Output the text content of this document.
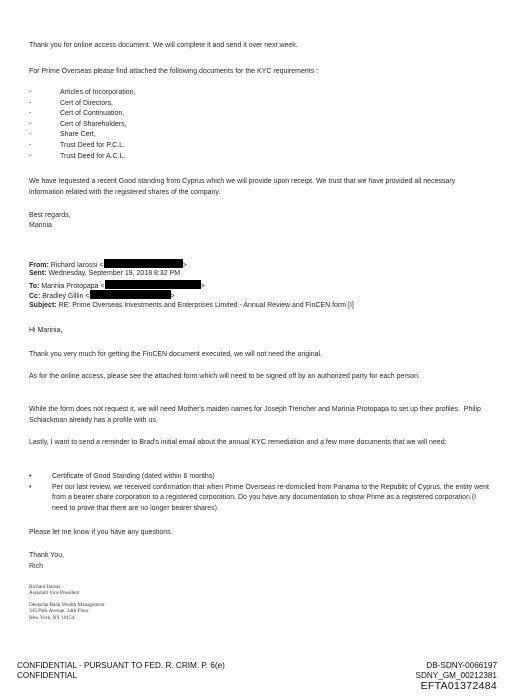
Thank you for online access document. We will complete it and send it over next week.
For Prime Overseas please find attached the following documents for the KYC requirements :
-	Articles of Incorporation,
-	Cert of Directors,
-	Cert of Continuation,
-	Cert of Shareholders,
-	Share Cert,
-	Trust Deed for P.C.L.
-	Trust Deed for A.C.L.
We have requested a recent Good standing from Cyprus which we will provide upon receipt. We trust that we have provided all necessary information related with the registered shares of the company.
Best regards,
Marinia
From: Richard Iarossi <	>
Sent: Wednesday, September 19, 2018 8:32 PM
To: Marinia Protopapa <	>
Cc: Bradley Gillin <	>
Subject: RE: Prime Overseas Investments and Enterprises Limited - Annual Review and FinCEN form [I]
Hi Marinia,
Thank you very much for getting the FinCEN document executed, we will not need the original.
As for the online access, please see the attached form which will need to be signed off by an authorized party for each person.
While the form does not request it, we will need Mother's maiden names for Joseph Trencher and Marinia Protopapa to set up their profiles.  Philip Schlackman already has a profile with us.
Lastly, I want to send a reminder to Brad's initial email about the annual KYC remediation and a few more documents that we will need:
•	Certificate of Good Standing (dated within 6 months)
•	Per our last review, we received confirmation that when Prime Overseas re-domiciled from Panama to the Republic of Cyprus, the entity went from a bearer share corporation to a registered corporation. Do you have any documentation to show Prime as a registered corporation (I need to prove that there are no longer bearer shares).
Please let me know if you have any questions.
Thank You,
Rich
Richard Iarossi
Assistant Vice President
Deutsche Bank Wealth Management
345 Park Avenue, 24th Floor
New York, NY 10154
CONFIDENTIAL - PURSUANT TO FED. R. CRIM. P. 6(e)
CONFIDENTIAL
DB-SDNY-0066197
SDNY_GM_00212381
EFTA01372484
